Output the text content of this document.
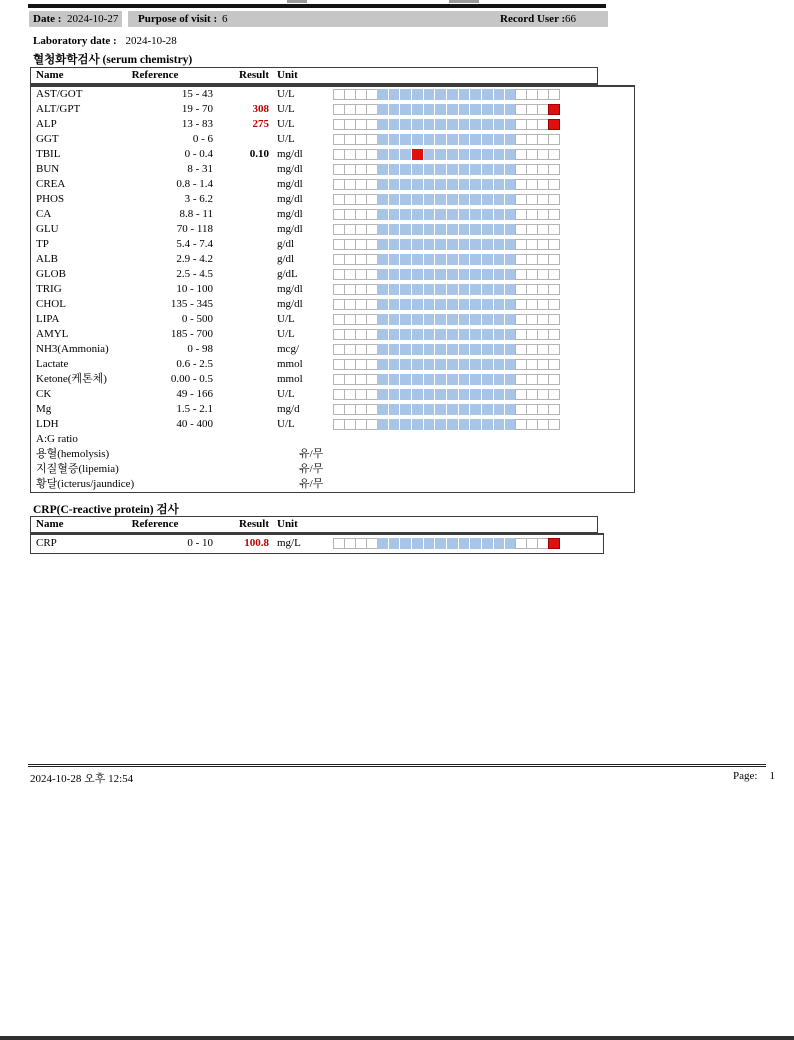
Date : 2024-10-27 Purpose of visit : 6	Record User : 66
Laboratory date : 2024-10-28
혈청화학검사 (serum chemistry)
Name	Reference	Result Unit
AST/GOT	15 - 43	U/L
ALT/GPT	19 - 70	308 U/L
ALP	13 - 83	275 U/L
GGT	0 - 6	U/L
TBIL	0 - 0.4	0.10 mg/dl
BUN	8 - 31	mg/dl
CREA	0.8 - 1.4	mg/dl
PHOS	3 - 6.2	mg/dl
CA	8.8 - 11	mg/dl
GLU	70 - 118	mg/dl
TP	5.4 - 7.4	g/dl
ALB	2.9 - 4.2	g/dl
GLOB	2.5 - 4.5	g/dL
TRIG	10 - 100	mg/dl
CHOL	135 - 345	mg/dl
LIPA	0 - 500	U/L
AMYL	185 - 700	U/L
NH3(Ammonia)	0 - 98	mcg/
Lactate	0.6 - 2.5	mmol
Ketone(케톤체)	0.00 - 0.5	mmol
CK	49 - 166	U/L
Mg	1.5 - 2.1	mg/d
LDH	40 - 400	U/L
A:G ratio
용혈(hemolysis)	유/무
지질혈증(lipemia)	유/무
황달(icterus/jaundice)	유/무
CRP(C-reactive protein) 검사
Name	Reference	Result Unit
CRP	0 - 10	100.8 mg/L
2024-10-28 오후 12:54	Page: 1
